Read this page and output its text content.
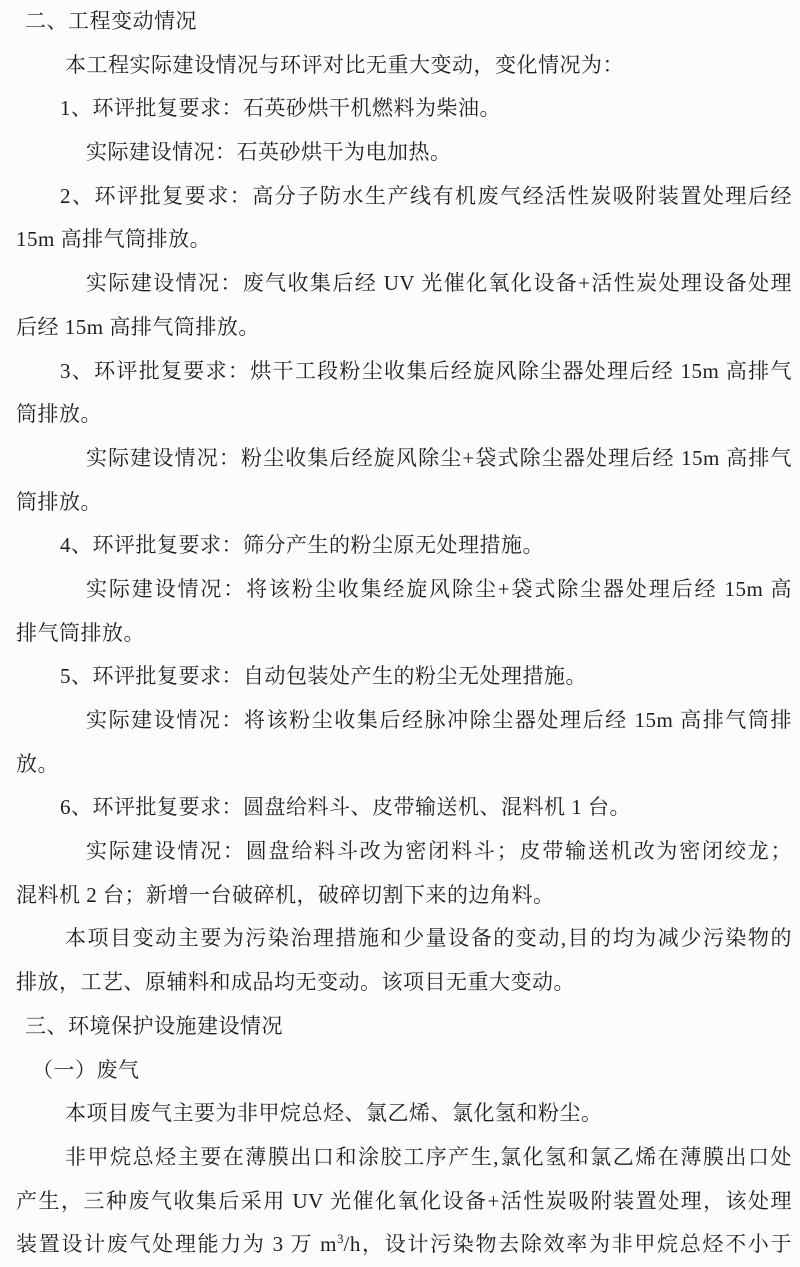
二、工程变动情况
本工程实际建设情况与环评对比无重大变动，变化情况为：
1、环评批复要求：石英砂烘干机燃料为柴油。
实际建设情况：石英砂烘干为电加热。
2、环评批复要求：高分子防水生产线有机废气经活性炭吸附装置处理后经
15m 高排气筒排放。
实际建设情况：废气收集后经 UV 光催化氧化设备+活性炭处理设备处理
后经 15m 高排气筒排放。
3、环评批复要求：烘干工段粉尘收集后经旋风除尘器处理后经 15m 高排气
筒排放。
实际建设情况：粉尘收集后经旋风除尘+袋式除尘器处理后经 15m 高排气
筒排放。
4、环评批复要求：筛分产生的粉尘原无处理措施。
实际建设情况：将该粉尘收集经旋风除尘+袋式除尘器处理后经 15m 高
排气筒排放。
5、环评批复要求：自动包装处产生的粉尘无处理措施。
实际建设情况：将该粉尘收集后经脉冲除尘器处理后经 15m 高排气筒排
放。
6、环评批复要求：圆盘给料斗、皮带输送机、混料机 1 台。
实际建设情况：圆盘给料斗改为密闭料斗；皮带输送机改为密闭绞龙；
混料机 2 台；新增一台破碎机，破碎切割下来的边角料。
本项目变动主要为污染治理措施和少量设备的变动,目的均为减少污染物的
排放，工艺、原辅料和成品均无变动。该项目无重大变动。
三、环境保护设施建设情况
（一）废气
本项目废气主要为非甲烷总烃、氯乙烯、氯化氢和粉尘。
非甲烷总烃主要在薄膜出口和涂胶工序产生,氯化氢和氯乙烯在薄膜出口处
产生，三种废气收集后采用 UV 光催化氧化设备+活性炭吸附装置处理，该处理
装置设计废气处理能力为 3 万 $m^3/h$，设计污染物去除效率为非甲烷总烃不小于
